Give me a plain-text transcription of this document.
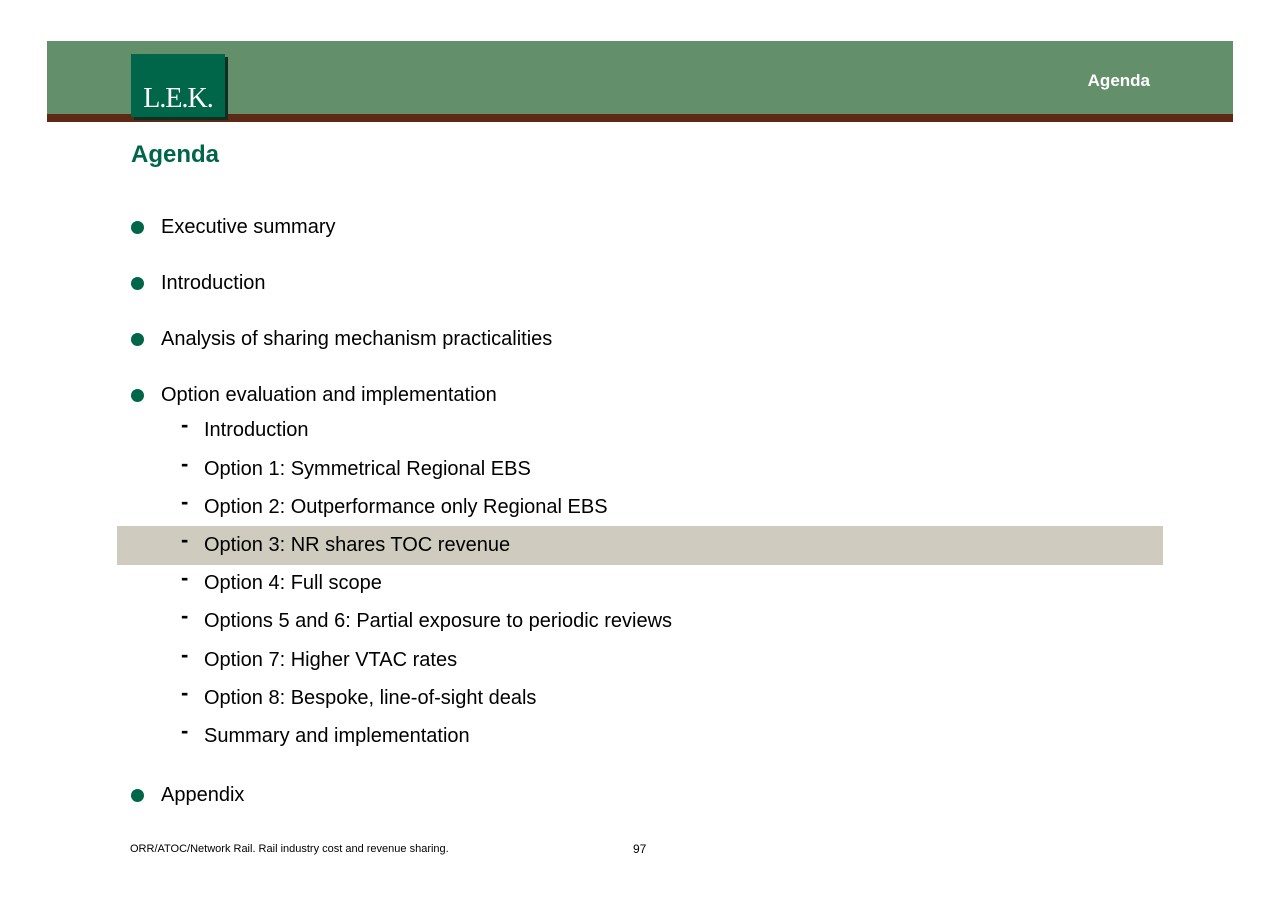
L.E.K.
Agenda
Agenda
Executive summary
Introduction
Analysis of sharing mechanism practicalities
Option evaluation and implementation
- Introduction
- Option 1: Symmetrical Regional EBS
- Option 2: Outperformance only Regional EBS
- Option 3: NR shares TOC revenue
- Option 4: Full scope
- Options 5 and 6: Partial exposure to periodic reviews
- Option 7: Higher VTAC rates
- Option 8: Bespoke, line-of-sight deals
- Summary and implementation
Appendix
ORR/ATOC/Network Rail. Rail industry cost and revenue sharing.	97
